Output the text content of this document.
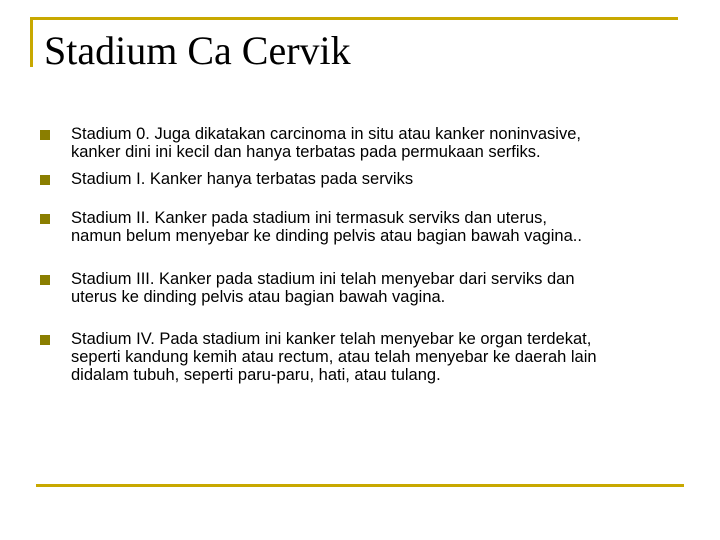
Stadium Ca Cervik

Stadium 0. Juga dikatakan carcinoma in situ atau kanker noninvasive,
kanker dini ini kecil dan hanya terbatas pada permukaan serfiks.

Stadium I. Kanker hanya terbatas pada serviks

Stadium II. Kanker pada stadium ini termasuk serviks dan uterus,
namun belum menyebar ke dinding pelvis atau bagian bawah vagina..

Stadium III. Kanker pada stadium ini telah menyebar dari serviks dan
uterus ke dinding pelvis atau bagian bawah vagina.

Stadium IV. Pada stadium ini kanker telah menyebar ke organ terdekat,
seperti kandung kemih atau rectum, atau telah menyebar ke daerah lain
didalam tubuh, seperti paru-paru, hati, atau tulang.
